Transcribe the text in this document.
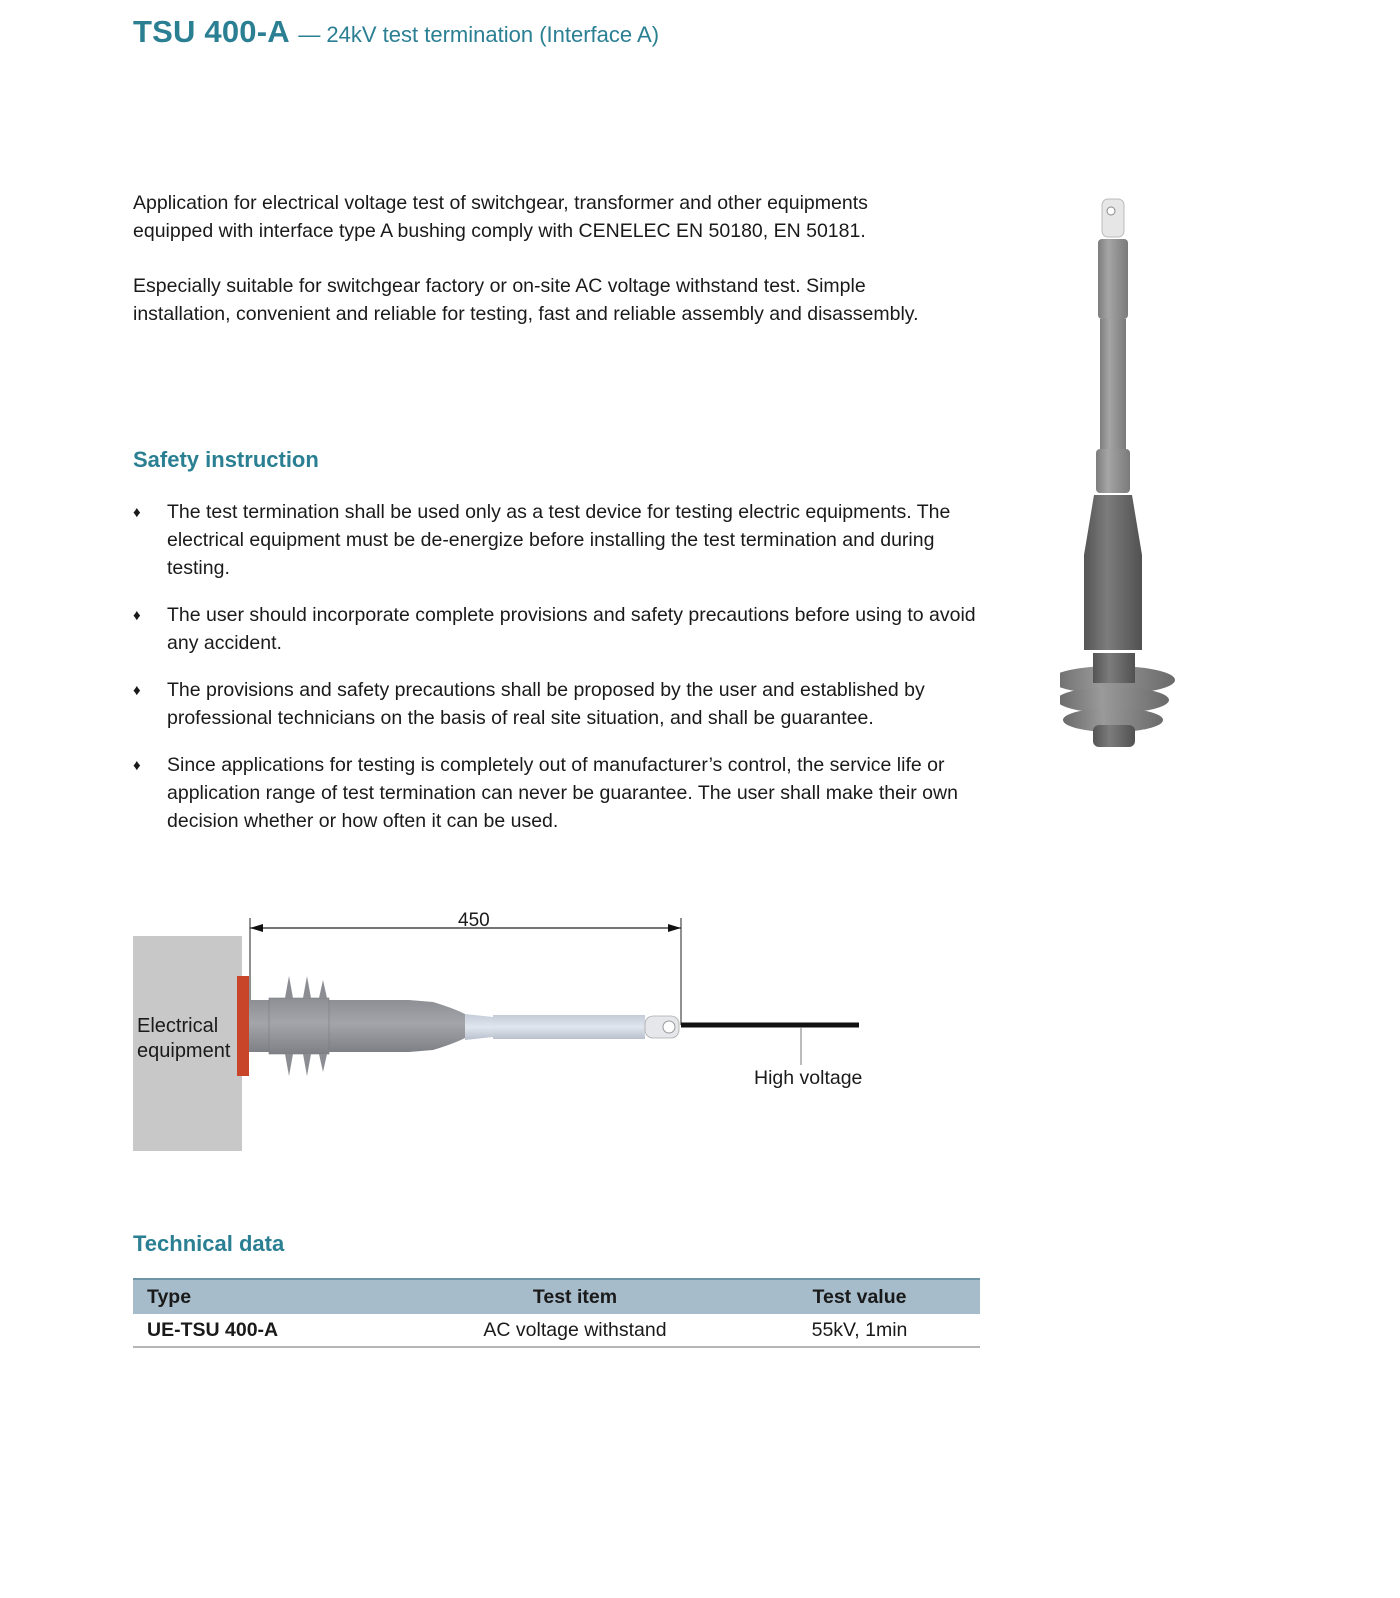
TSU 400-A — 24kV test termination (Interface A)

Application for electrical voltage test of switchgear, transformer and other equipments equipped with interface type A bushing comply with CENELEC EN 50180, EN 50181.

Especially suitable for switchgear factory or on-site AC voltage withstand test. Simple installation, convenient and reliable for testing, fast and reliable assembly and disassembly.

Safety instruction
♦ The test termination shall be used only as a test device for testing electric equipments. The electrical equipment must be de-energize before installing the test termination and during testing.
♦ The user should incorporate complete provisions and safety precautions before using to avoid any accident.
♦ The provisions and safety precautions shall be proposed by the user and established by professional technicians on the basis of real site situation, and shall be guarantee.
♦ Since applications for testing is completely out of manufacturer’s control, the service life or application range of test termination can never be guarantee. The user shall make their own decision whether or how often it can be used.
Electrical
equipment
450
High voltage
Technical data
Type	Test item	Test value
UE-TSU 400-A	AC voltage withstand	55kV, 1min
